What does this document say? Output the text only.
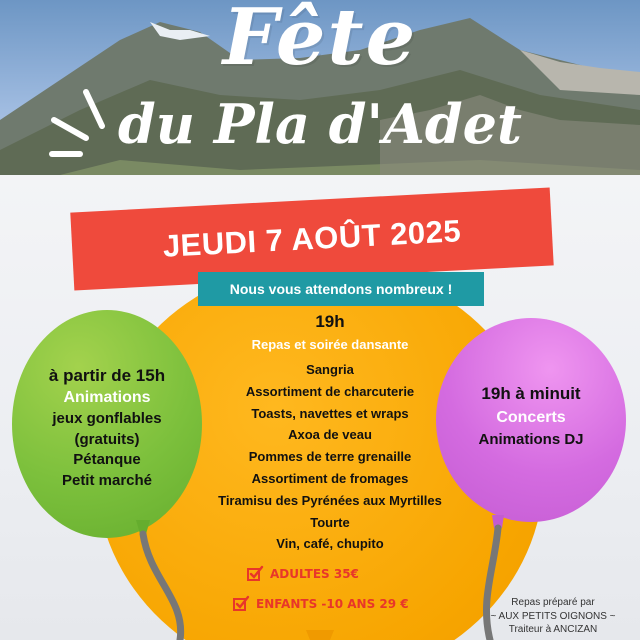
Fête
du Pla d'Adet
JEUDI 7 AOÛT 2025
Nous vous attendons nombreux !
19h
Repas et soirée dansante
Sangria
Assortiment de charcuterie
Toasts, navettes et wraps
Axoa de veau
Pommes de terre grenaille
Assortiment de fromages
Tiramisu des Pyrénées aux Myrtilles
Tourte
Vin, café, chupito
ADULTES 35€
ENFANTS -10 ANS 29 €
à partir de 15h
Animations
jeux gonflables
(gratuits)
Pétanque
Petit marché
19h à minuit
Concerts
Animations DJ
Repas préparé par
~ AUX PETITS OIGNONS ~
Traiteur à ANCIZAN
